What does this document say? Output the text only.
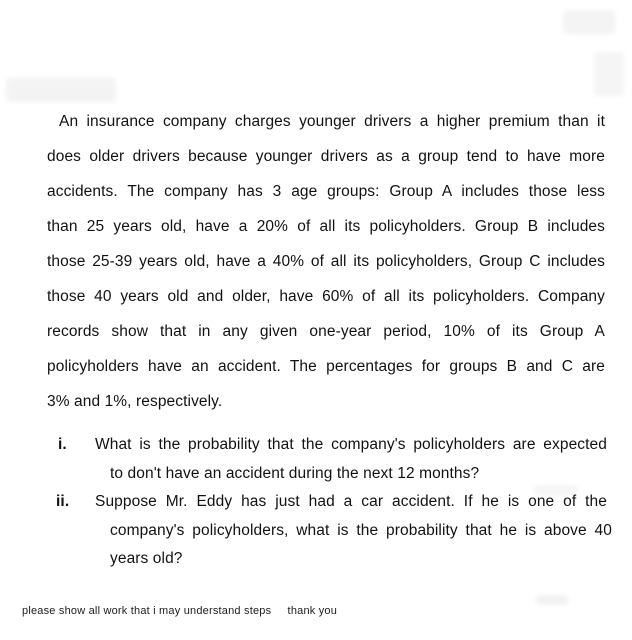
An insurance company charges younger drivers a higher premium than it
does older drivers because younger drivers as a group tend to have more
accidents. The company has 3 age groups: Group A includes those less
than 25 years old, have a 20% of all its policyholders. Group B includes
those 25-39 years old, have a 40% of all its policyholders, Group C includes
those 40 years old and older, have 60% of all its policyholders. Company
records show that in any given one-year period, 10% of its Group A
policyholders have an accident. The percentages for groups B and C are
3% and 1%, respectively.
i. What is the probability that the company's policyholders are expected
to don't have an accident during the next 12 months?
ii. Suppose Mr. Eddy has just had a car accident. If he is one of the
company's policyholders, what is the probability that he is above 40
years old?
please show all work that i may understand steps     thank you
